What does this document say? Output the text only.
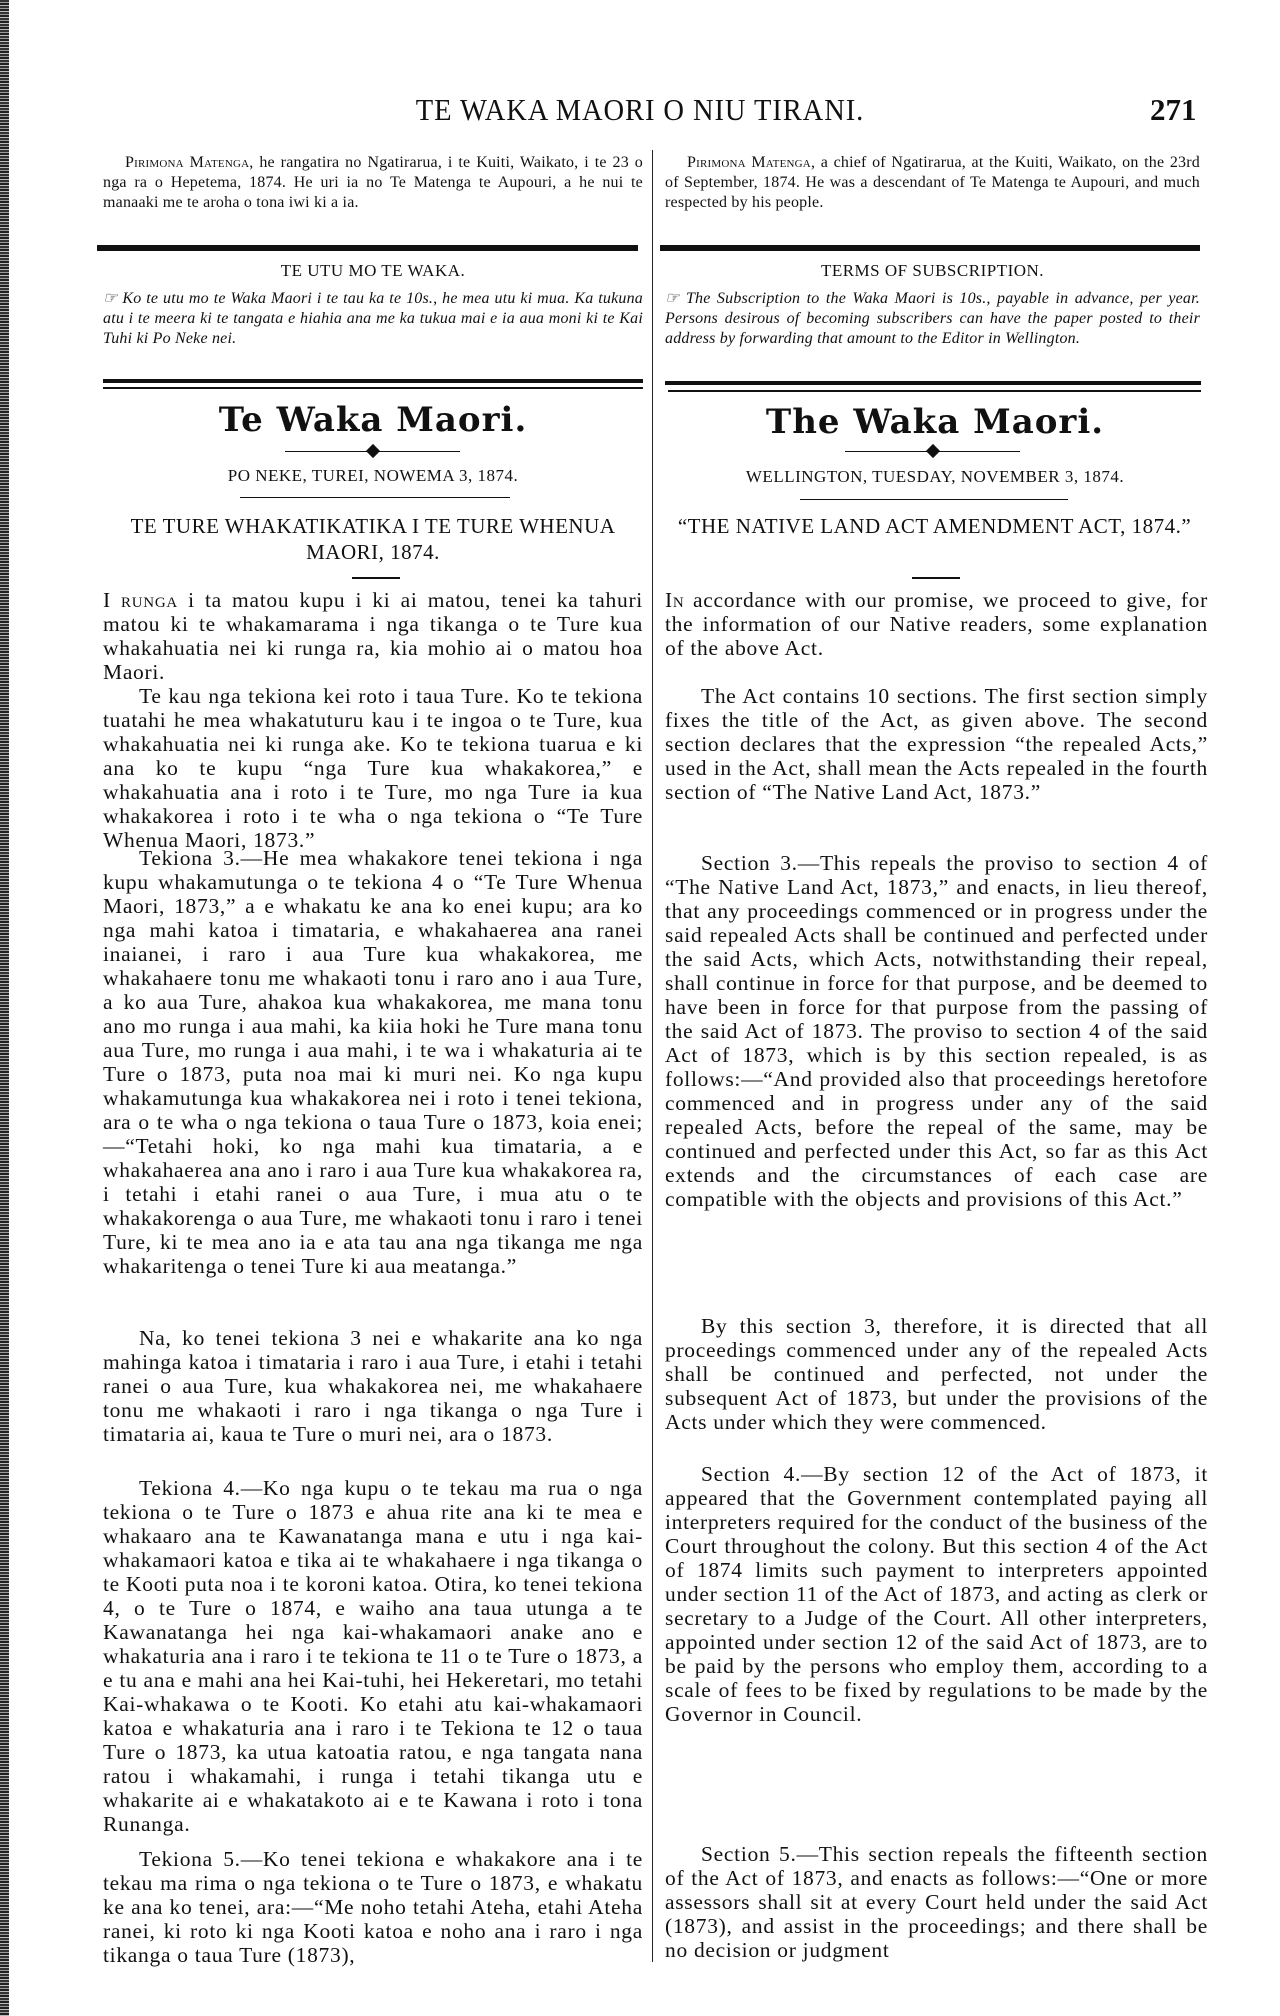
TE WAKA MAORI O NIU TIRANI.	271
Pirimona Matenga, he rangatira no Ngatirarua, i te Kuiti, Waikato, i te 23 o nga ra o Hepetema, 1874. He uri ia no Te Matenga te Aupouri, a he nui te manaaki me te aroha o tona iwi ki a ia.
Pirimona Matenga, a chief of Ngatirarua, at the Kuiti, Waikato, on the 23rd of September, 1874. He was a descendant of Te Matenga te Aupouri, and much respected by his people.
TE UTU MO TE WAKA.
☞ Ko te utu mo te Waka Maori i te tau ka te 10s., he mea utu ki mua. Ka tukuna atu i te meera ki te tangata e hiahia ana me ka tukua mai e ia aua moni ki te Kai Tuhi ki Po Neke nei.
TERMS OF SUBSCRIPTION.
☞ The Subscription to the Waka Maori is 10s., payable in advance, per year. Persons desirous of becoming subscribers can have the paper posted to their address by forwarding that amount to the Editor in Wellington.
Te Waka Maori.	The Waka Maori.
PO NEKE, TUREI, NOWEMA 3, 1874.	WELLINGTON, TUESDAY, NOVEMBER 3, 1874.
TE TURE WHAKATIKATIKA I TE TURE WHENUA MAORI, 1874.
“THE NATIVE LAND ACT AMENDMENT ACT, 1874.”

I runga i ta matou kupu i ki ai matou, tenei ka tahuri matou ki te whakamarama i nga tikanga o te Ture kua whakahuatia nei ki runga ra, kia mohio ai o matou hoa Maori.

Te kau nga tekiona kei roto i taua Ture. Ko te tekiona tuatahi he mea whakatuturu kau i te ingoa o te Ture, kua whakahuatia nei ki runga ake. Ko te tekiona tuarua e ki ana ko te kupu “nga Ture kua whakakorea,” e whakahuatia ana i roto i te Ture, mo nga Ture ia kua whakakorea i roto i te wha o nga tekiona o “Te Ture Whenua Maori, 1873.”

Tekiona 3.—He mea whakakore tenei tekiona i nga kupu whakamutunga o te tekiona 4 o “Te Ture Whenua Maori, 1873,” a e whakatu ke ana ko enei kupu; ara ko nga mahi katoa i timataria, e whakahaerea ana ranei inaianei, i raro i aua Ture kua whakakorea, me whakahaere tonu me whakaoti tonu i raro ano i aua Ture, a ko aua Ture, ahakoa kua whakakorea, me mana tonu ano mo runga i aua mahi, ka kiia hoki he Ture mana tonu aua Ture, mo runga i aua mahi, i te wa i whakaturia ai te Ture o 1873, puta noa mai ki muri nei. Ko nga kupu whakamutunga kua whakakorea nei i roto i tenei tekiona, ara o te wha o nga tekiona o taua Ture o 1873, koia enei;—“Tetahi hoki, ko nga mahi kua timataria, a e whakahaerea ana ano i raro i aua Ture kua whakakorea ra, i tetahi i etahi ranei o aua Ture, i mua atu o te whakakorenga o aua Ture, me whakaoti tonu i raro i tenei Ture, ki te mea ano ia e ata tau ana nga tikanga me nga whakaritenga o tenei Ture ki aua meatanga.”

Na, ko tenei tekiona 3 nei e whakarite ana ko nga mahinga katoa i timataria i raro i aua Ture, i etahi i tetahi ranei o aua Ture, kua whakakorea nei, me whakahaere tonu me whakaoti i raro i nga tikanga o nga Ture i timataria ai, kaua te Ture o muri nei, ara o 1873.

Tekiona 4.—Ko nga kupu o te tekau ma rua o nga tekiona o te Ture o 1873 e ahua rite ana ki te mea e whakaaro ana te Kawanatanga mana e utu i nga kai-whakamaori katoa e tika ai te whakahaere i nga tikanga o te Kooti puta noa i te koroni katoa. Otira, ko tenei tekiona 4, o te Ture o 1874, e waiho ana taua utunga a te Kawanatanga hei nga kai-whakamaori anake ano e whakaturia ana i raro i te tekiona te 11 o te Ture o 1873, a e tu ana e mahi ana hei Kai-tuhi, hei Hekeretari, mo tetahi Kai-whakawa o te Kooti. Ko etahi atu kai-whakamaori katoa e whakaturia ana i raro i te Tekiona te 12 o taua Ture o 1873, ka utua katoatia ratou, e nga tangata nana ratou i whakamahi, i runga i tetahi tikanga utu e whakarite ai e whakatakoto ai e te Kawana i roto i tona Runanga.

Tekiona 5.—Ko tenei tekiona e whakakore ana i te tekau ma rima o nga tekiona o te Ture o 1873, e whakatu ke ana ko tenei, ara:—“Me noho tetahi Ateha, etahi Ateha ranei, ki roto ki nga Kooti katoa e noho ana i raro i nga tikanga o taua Ture (1873),

In accordance with our promise, we proceed to give, for the information of our Native readers, some explanation of the above Act.

The Act contains 10 sections. The first section simply fixes the title of the Act, as given above. The second section declares that the expression “the repealed Acts,” used in the Act, shall mean the Acts repealed in the fourth section of “The Native Land Act, 1873.”

Section 3.—This repeals the proviso to section 4 of “The Native Land Act, 1873,” and enacts, in lieu thereof, that any proceedings commenced or in progress under the said repealed Acts shall be continued and perfected under the said Acts, which Acts, notwithstanding their repeal, shall continue in force for that purpose, and be deemed to have been in force for that purpose from the passing of the said Act of 1873. The proviso to section 4 of the said Act of 1873, which is by this section repealed, is as follows:—“And provided also that proceedings heretofore commenced and in progress under any of the said repealed Acts, before the repeal of the same, may be continued and perfected under this Act, so far as this Act extends and the circumstances of each case are compatible with the objects and provisions of this Act.”

By this section 3, therefore, it is directed that all proceedings commenced under any of the repealed Acts shall be continued and perfected, not under the subsequent Act of 1873, but under the provisions of the Acts under which they were commenced.

Section 4.—By section 12 of the Act of 1873, it appeared that the Government contemplated paying all interpreters required for the conduct of the business of the Court throughout the colony. But this section 4 of the Act of 1874 limits such payment to interpreters appointed under section 11 of the Act of 1873, and acting as clerk or secretary to a Judge of the Court. All other interpreters, appointed under section 12 of the said Act of 1873, are to be paid by the persons who employ them, according to a scale of fees to be fixed by regulations to be made by the Governor in Council.

Section 5.—This section repeals the fifteenth section of the Act of 1873, and enacts as follows:—“One or more assessors shall sit at every Court held under the said Act (1873), and assist in the proceedings; and there shall be no decision or judgment
